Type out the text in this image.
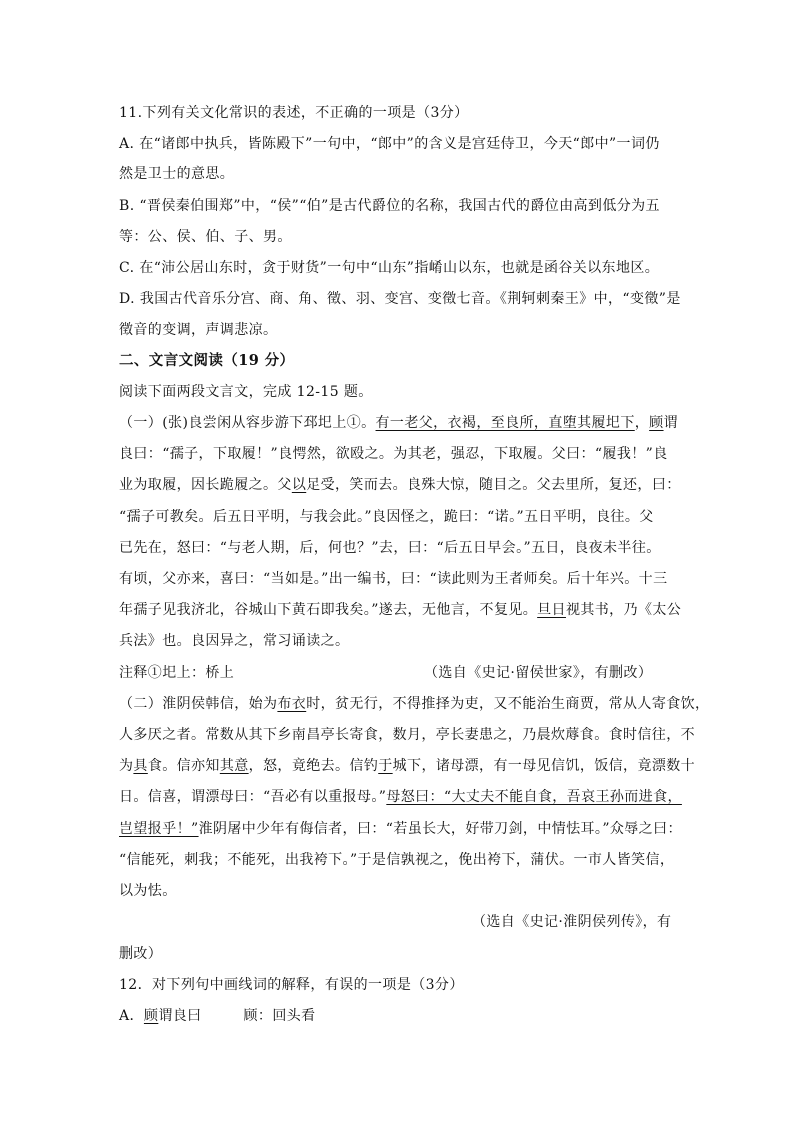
11.下列有关文化常识的表述，不正确的一项是（3分）
A. 在“诸郎中执兵，皆陈殿下”一句中，“郎中”的含义是宫廷侍卫，今天“郎中”一词仍
然是卫士的意思。
B. “晋侯秦伯围郑”中，“侯”“伯”是古代爵位的名称，我国古代的爵位由高到低分为五
等：公、侯、伯、子、男。
C. 在“沛公居山东时，贪于财货”一句中“山东”指崤山以东，也就是函谷关以东地区。
D. 我国古代音乐分宫、商、角、徵、羽、变宫、变徵七音。《荆轲刺秦王》中，“变徵”是
徵音的变调，声调悲凉。
二、文言文阅读（19 分）
阅读下面两段文言文，完成 12-15 题。
（一）(张)良尝闲从容步游下邳圯上①。有一老父，衣褐，至良所，直堕其履圯下，顾谓
良曰：“孺子，下取履！”良愕然，欲殴之。为其老，强忍，下取履。父曰：“履我！”良
业为取履，因长跪履之。父以足受，笑而去。良殊大惊，随目之。父去里所，复还，曰：
“孺子可教矣。后五日平明，与我会此。”良因怪之，跪曰：“诺。”五日平明，良往。父
已先在，怒曰：“与老人期，后，何也？”去，曰：“后五日早会。”五日，良夜未半往。
有顷，父亦来，喜曰：“当如是。”出一编书，曰：“读此则为王者师矣。后十年兴。十三
年孺子见我济北，谷城山下黄石即我矣。”遂去，无他言，不复见。旦日视其书，乃《太公
兵法》也。良因异之，常习诵读之。
注释①圯上：桥上	（选自《史记·留侯世家》，有删改）
（二）淮阴侯韩信，始为布衣时，贫无行，不得推择为吏，又不能治生商贾，常从人寄食饮，
人多厌之者。常数从其下乡南昌亭长寄食，数月，亭长妻患之，乃晨炊蓐食。食时信往，不
为具食。信亦知其意，怒，竟绝去。信钓于城下，诸母漂，有一母见信饥，饭信，竟漂数十
日。信喜，谓漂母曰：“吾必有以重报母。”母怒曰：“大丈夫不能自食，吾哀王孙而进食，
岂望报乎！”淮阴屠中少年有侮信者，曰：“若虽长大，好带刀剑，中情怯耳。”众辱之曰：
“信能死，刺我；不能死，出我袴下。”于是信孰视之，俛出袴下，蒲伏。一市人皆笑信，
以为怯。
（选自《史记·淮阴侯列传》，有
删改）
12．对下列句中画线词的解释，有误的一项是（3分）
A．顾谓良曰	顾：回头看
